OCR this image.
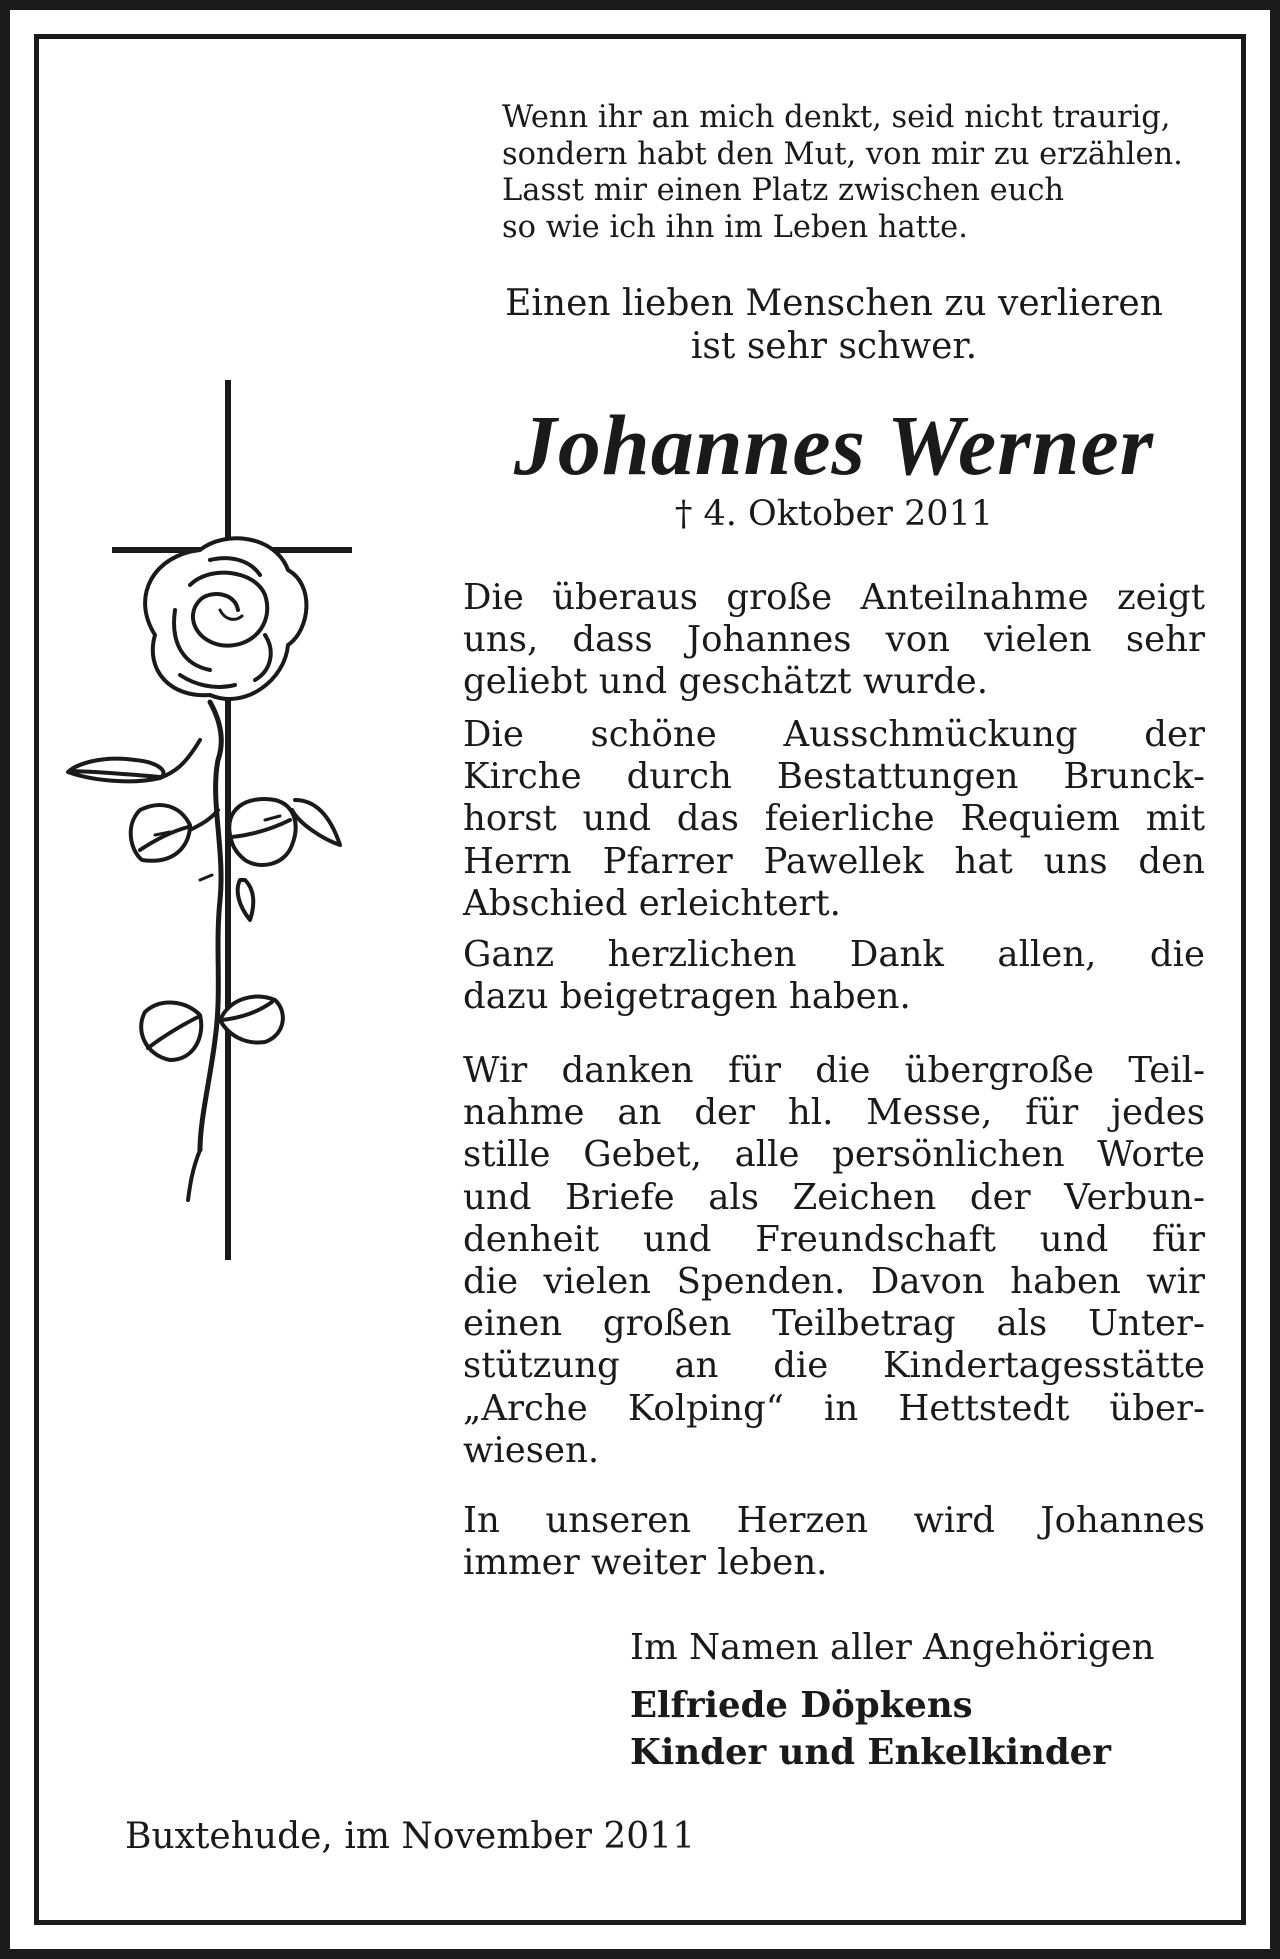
Wenn ihr an mich denkt, seid nicht traurig,
sondern habt den Mut, von mir zu erzählen.
Lasst mir einen Platz zwischen euch
so wie ich ihn im Leben hatte.
Einen lieben Menschen zu verlieren
ist sehr schwer.
Johannes Werner
† 4. Oktober 2011
Die überaus große Anteilnahme zeigt
uns, dass Johannes von vielen sehr
geliebt und geschätzt wurde.
Die schöne Ausschmückung der
Kirche durch Bestattungen Brunck-
horst und das feierliche Requiem mit
Herrn Pfarrer Pawellek hat uns den
Abschied erleichtert.
Ganz herzlichen Dank allen, die
dazu beigetragen haben.
Wir danken für die übergroße Teil-
nahme an der hl. Messe, für jedes
stille Gebet, alle persönlichen Worte
und Briefe als Zeichen der Verbun-
denheit und Freundschaft und für
die vielen Spenden. Davon haben wir
einen großen Teilbetrag als Unter-
stützung an die Kindertagesstätte
„Arche Kolping“ in Hettstedt über-
wiesen.
In unseren Herzen wird Johannes
immer weiter leben.
Im Namen aller Angehörigen
Elfriede Döpkens
Kinder und Enkelkinder
Buxtehude, im November 2011
